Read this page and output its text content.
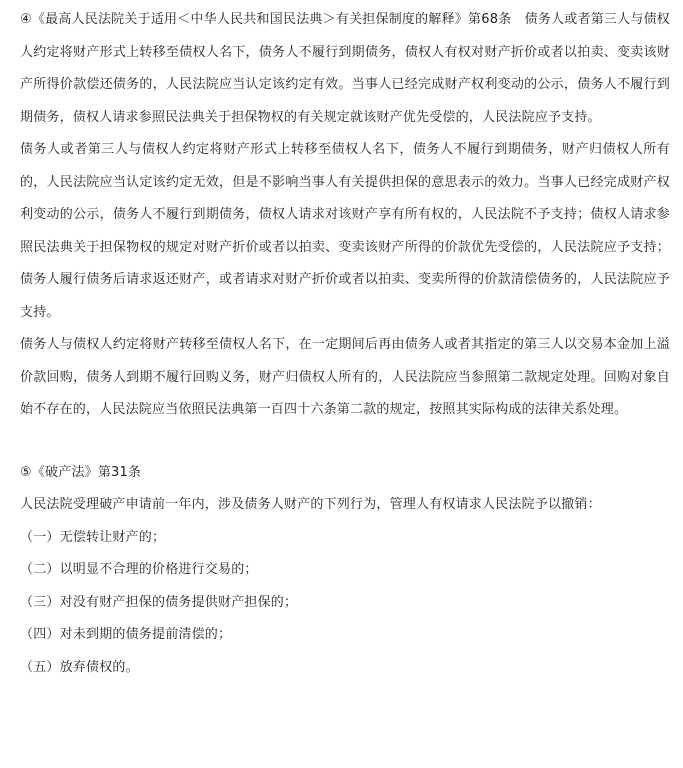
④《最高人民法院关于适用＜中华人民共和国民法典＞有关担保制度的解释》第68条　债务人或者第三人与债权人约定将财产形式上转移至债权人名下，债务人不履行到期债务，债权人有权对财产折价或者以拍卖、变卖该财产所得价款偿还债务的，人民法院应当认定该约定有效。当事人已经完成财产权利变动的公示，债务人不履行到期债务，债权人请求参照民法典关于担保物权的有关规定就该财产优先受偿的，人民法院应予支持。

债务人或者第三人与债权人约定将财产形式上转移至债权人名下，债务人不履行到期债务，财产归债权人所有的，人民法院应当认定该约定无效，但是不影响当事人有关提供担保的意思表示的效力。当事人已经完成财产权利变动的公示，债务人不履行到期债务，债权人请求对该财产享有所有权的，人民法院不予支持；债权人请求参照民法典关于担保物权的规定对财产折价或者以拍卖、变卖该财产所得的价款优先受偿的，人民法院应予支持；债务人履行债务后请求返还财产，或者请求对财产折价或者以拍卖、变卖所得的价款清偿债务的，人民法院应予支持。

债务人与债权人约定将财产转移至债权人名下，在一定期间后再由债务人或者其指定的第三人以交易本金加上溢价款回购，债务人到期不履行回购义务，财产归债权人所有的，人民法院应当参照第二款规定处理。回购对象自始不存在的，人民法院应当依照民法典第一百四十六条第二款的规定，按照其实际构成的法律关系处理。

⑤《破产法》第31条

人民法院受理破产申请前一年内，涉及债务人财产的下列行为，管理人有权请求人民法院予以撤销：

（一）无偿转让财产的；

（二）以明显不合理的价格进行交易的；

（三）对没有财产担保的债务提供财产担保的；

（四）对未到期的债务提前清偿的；

（五）放弃债权的。
